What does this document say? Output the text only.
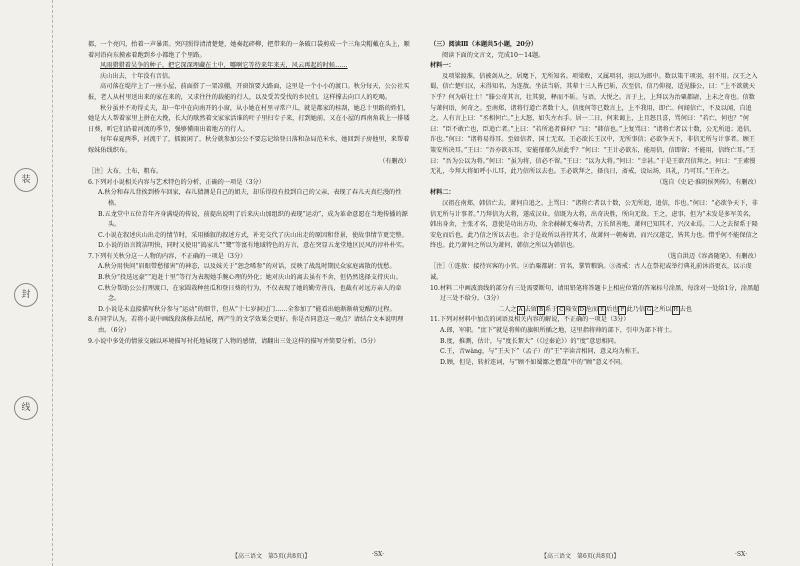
装
封
线

都，一个亮闪，抬着一声暴雷。突闪照得清清楚楚，她奏起碎柳，把带来的一条破口袋剪成一个三角尖帽戴在头上，顺着河沿向东摸索着跑到乡小都绝了个里路。

风雨猎猎着吴争的种子，把它深深埋藏在土中，哪啊它等待来年来天，风云再起的时候……

庆山出去，十年没有音信。

高司落在堤岸上了一座小屋，前面搭了一架凉棚，开窗馆要大路面，这里是一个小小的渡口。秋分每天，公公社买报，老人从村里送出来的家在来的，又求往往的载能的行人，以及受苦受伐的乡民们，这样撑去向口人的吃喝。

秋分虽并不劝得丈夫，却一年中在向南开的小窗，从小她在村里寻常户儿，就是都家的桂刮，她总十里路的姓们，她是大人帮着家里上拼在大挽，长大的歇然着文家家活谁的叶子里扫专子来，打到她前，又在小屋的西南角栽上一排矮日葵，听它们沿着河流的季节，强够懂雨出着地方的行人。

每年春夏两季，河流干了，擂渡闲了，秋分就参加公公不要忘记给登日落和杂局范米水，她回到子房他里，来帮着嫁妹佑线织布。

（有删改）

［注］大布，土布，粗布。

6.下列对小说相关内容与艺术特色的分析，正确的一项是（3分）

A.秋分和春儿背挨到桥车回家，春儿猜测是自己的姐夫，却乐得投有投到自己的父亲，表现了春儿天真烂漫的性格。

B.五龙堂中五位青年齐身满堤的传说，前提出说明了后来庆山加组织的表现“运动”，成为革命意愿在当地传播的源头。

C.小说在叙述庆山出走的情节时，采用插叙的叙述方式，补充交代了庆山出走的原因和背景，使故事情节更完整。

D.小说的语言简洁明快，同时又使用“捣家儿”“鹭”等富有地域特色的方言，意在突显五龙堂地区民风的淳朴朴实。

7.下列有关秋分这一人物的内容，不正确的一项是（3分）

A.秋分用快问“眉眼带愁郁害”的神态，以及妹关于“恕念唏参”的对话，反映了战乱时期民众家庭离散的忧愁。

B.秋分“投迭远豪”“追赶十里”等行为表现她手腕心理的外化；她对庆山的离去虽有不舍，但仍然选择支持庆山。

C.秋分帮助公公打理渡口，在家圆栽种丝瓜和登日葵的行为，不仅表现了她的勤劳善良，也截有对远方亲人的牵念。

D.小说是未直接描写秋分参与“运动”的细节，但从“十七岁洞过门……全参加了”能看出她渐渐萌觉醒的过程。

8.有同学认为，若将小说中画线段落修去结尾，两产生的文学效果会更好。你是否同意这一观点？请结合文本说明理由。（6分）

9.小说中多处的情景交融以环境描写衬托地展现了人物的感情，请翻出三处这样的描写并简要分析。（5分）

（三）阅读Ⅲ（本题共5小题，20分）

阅读下面的文言文，完成10～14题。

材料一：

及项梁渡淮，信被剑从之，居麾下，无所知名。项梁败，又属项羽，羽以为郎中。数以策干项羽，羽不用。汉王之入蜀，信亡楚归汉，未得知名，为连敖。坐法当斩，其辈十三人皆已斩，次至信，信乃仰视，适见滕公，曰：“上不欲就天下乎？何为斩壮士！”滕公奇其言，壮其貌，释而不斩。与语，大悦之。言于上，上拜以为治粟都尉，上未之奇也。信数与萧何语，何奇之。至南郑，诸将行道亡者数十人，信度何等已数言上，上不我用，即亡。何闻信亡，不及以闻，自追之。人有言上曰：“丞相何亡。”上大怒，如失左右手。居一二日，何来谒上，上且怒且喜，骂何曰：“若亡，何也？”何曰：“臣不敢亡也，臣追亡者。”上曰：“若所追者谁何？”曰：“韩信也。”上复骂曰：“诸将亡者以十数，公无所追；追信，诈也。”何曰：“诸将易得耳。至如信者，国士无双。王必欲长王汉中，无所事信；必欲争天下，非信无所与计事者。顾王策安所决耳。”王曰：“吾亦欲东耳，安能郁郁久居此乎？”何曰：“王计必欲东，能用信，信即留；不能用，信终亡耳。”王曰：“吾为公以为将。”何曰：“虽为将，信必不留。”王曰：“以为大将。”何曰：“幸甚。”于是王欲召信拜之。何曰：“王素慢无礼，今拜大将如呼小儿耳，此乃信所以去也。王必欲拜之，择良日，斋戒，设坛场，具礼，乃可耳。”王许之。

（选自《史记·淮阴侯列传》，有删改）

材料二：

汉祖在南郑，韩信亡去，萧何自追之。上骂曰：“诸将亡者以十数，公无所追，追信，诈也。”何曰：“必欲争天下，非信无所与计事者。”乃拜信为大将，遂成汉业。信既为大将，出奇决胜，所向无敌。王之，虑事，但为“未发是多军美名，韩出身舍，主张才名，意使是功出方功，余余赫赫无奏功者，万长留善地，萧何已知其才，兴汉业焉。二人之去留系于隆安危而后也，此乃信之所以去也。余于是故所以善待其才，故萧何一朝奏请，而兴汉遂定，皆其力也。惜乎何不能保信之终也。此乃萧何之所以为萧何，韩信之所以为韩信也。

（选自洪迈《容斋随笔》，有删改）

［注］①连敖：接待宾客的小官。②治粟都尉：官名，掌管粮饷。③斋戒：古人在祭祀或举行典礼前沐浴更衣，以示虔诚。

10.材料二中画波浪线的部分有三处需要断句，请用铅笔将答题卡上相应位置的答案标号涂黑，每涂对一处给1分，涂黑超过三处不给分。（3分）

二人之 A 去留 B 系于 C 隆安 D 危而 E 后也 F 此乃信 G 之所以 H 去也

11.下列对材料中加点的词语及相关内容的解说，不正确的一项是（3分）

A.郎，军职。“庶下”就是将帅的旗帜所插之地，这里指将帅的部下，引申为部下将士。

B.度，推测，估计，与“度长絜大”（《过秦论》）的“度”意思相同。

C.王，音wàng，与“王天下”（孟子）的“王”字读音相同，意义均为称王。

D.顾，但是，转折连词，与“顾不如蜀鄙之僧哉”中的“顾”意义不同。

【高三语文　第5页(共8页)】	·SX·	【高三语文　第6页(共8页)】	·SX·
